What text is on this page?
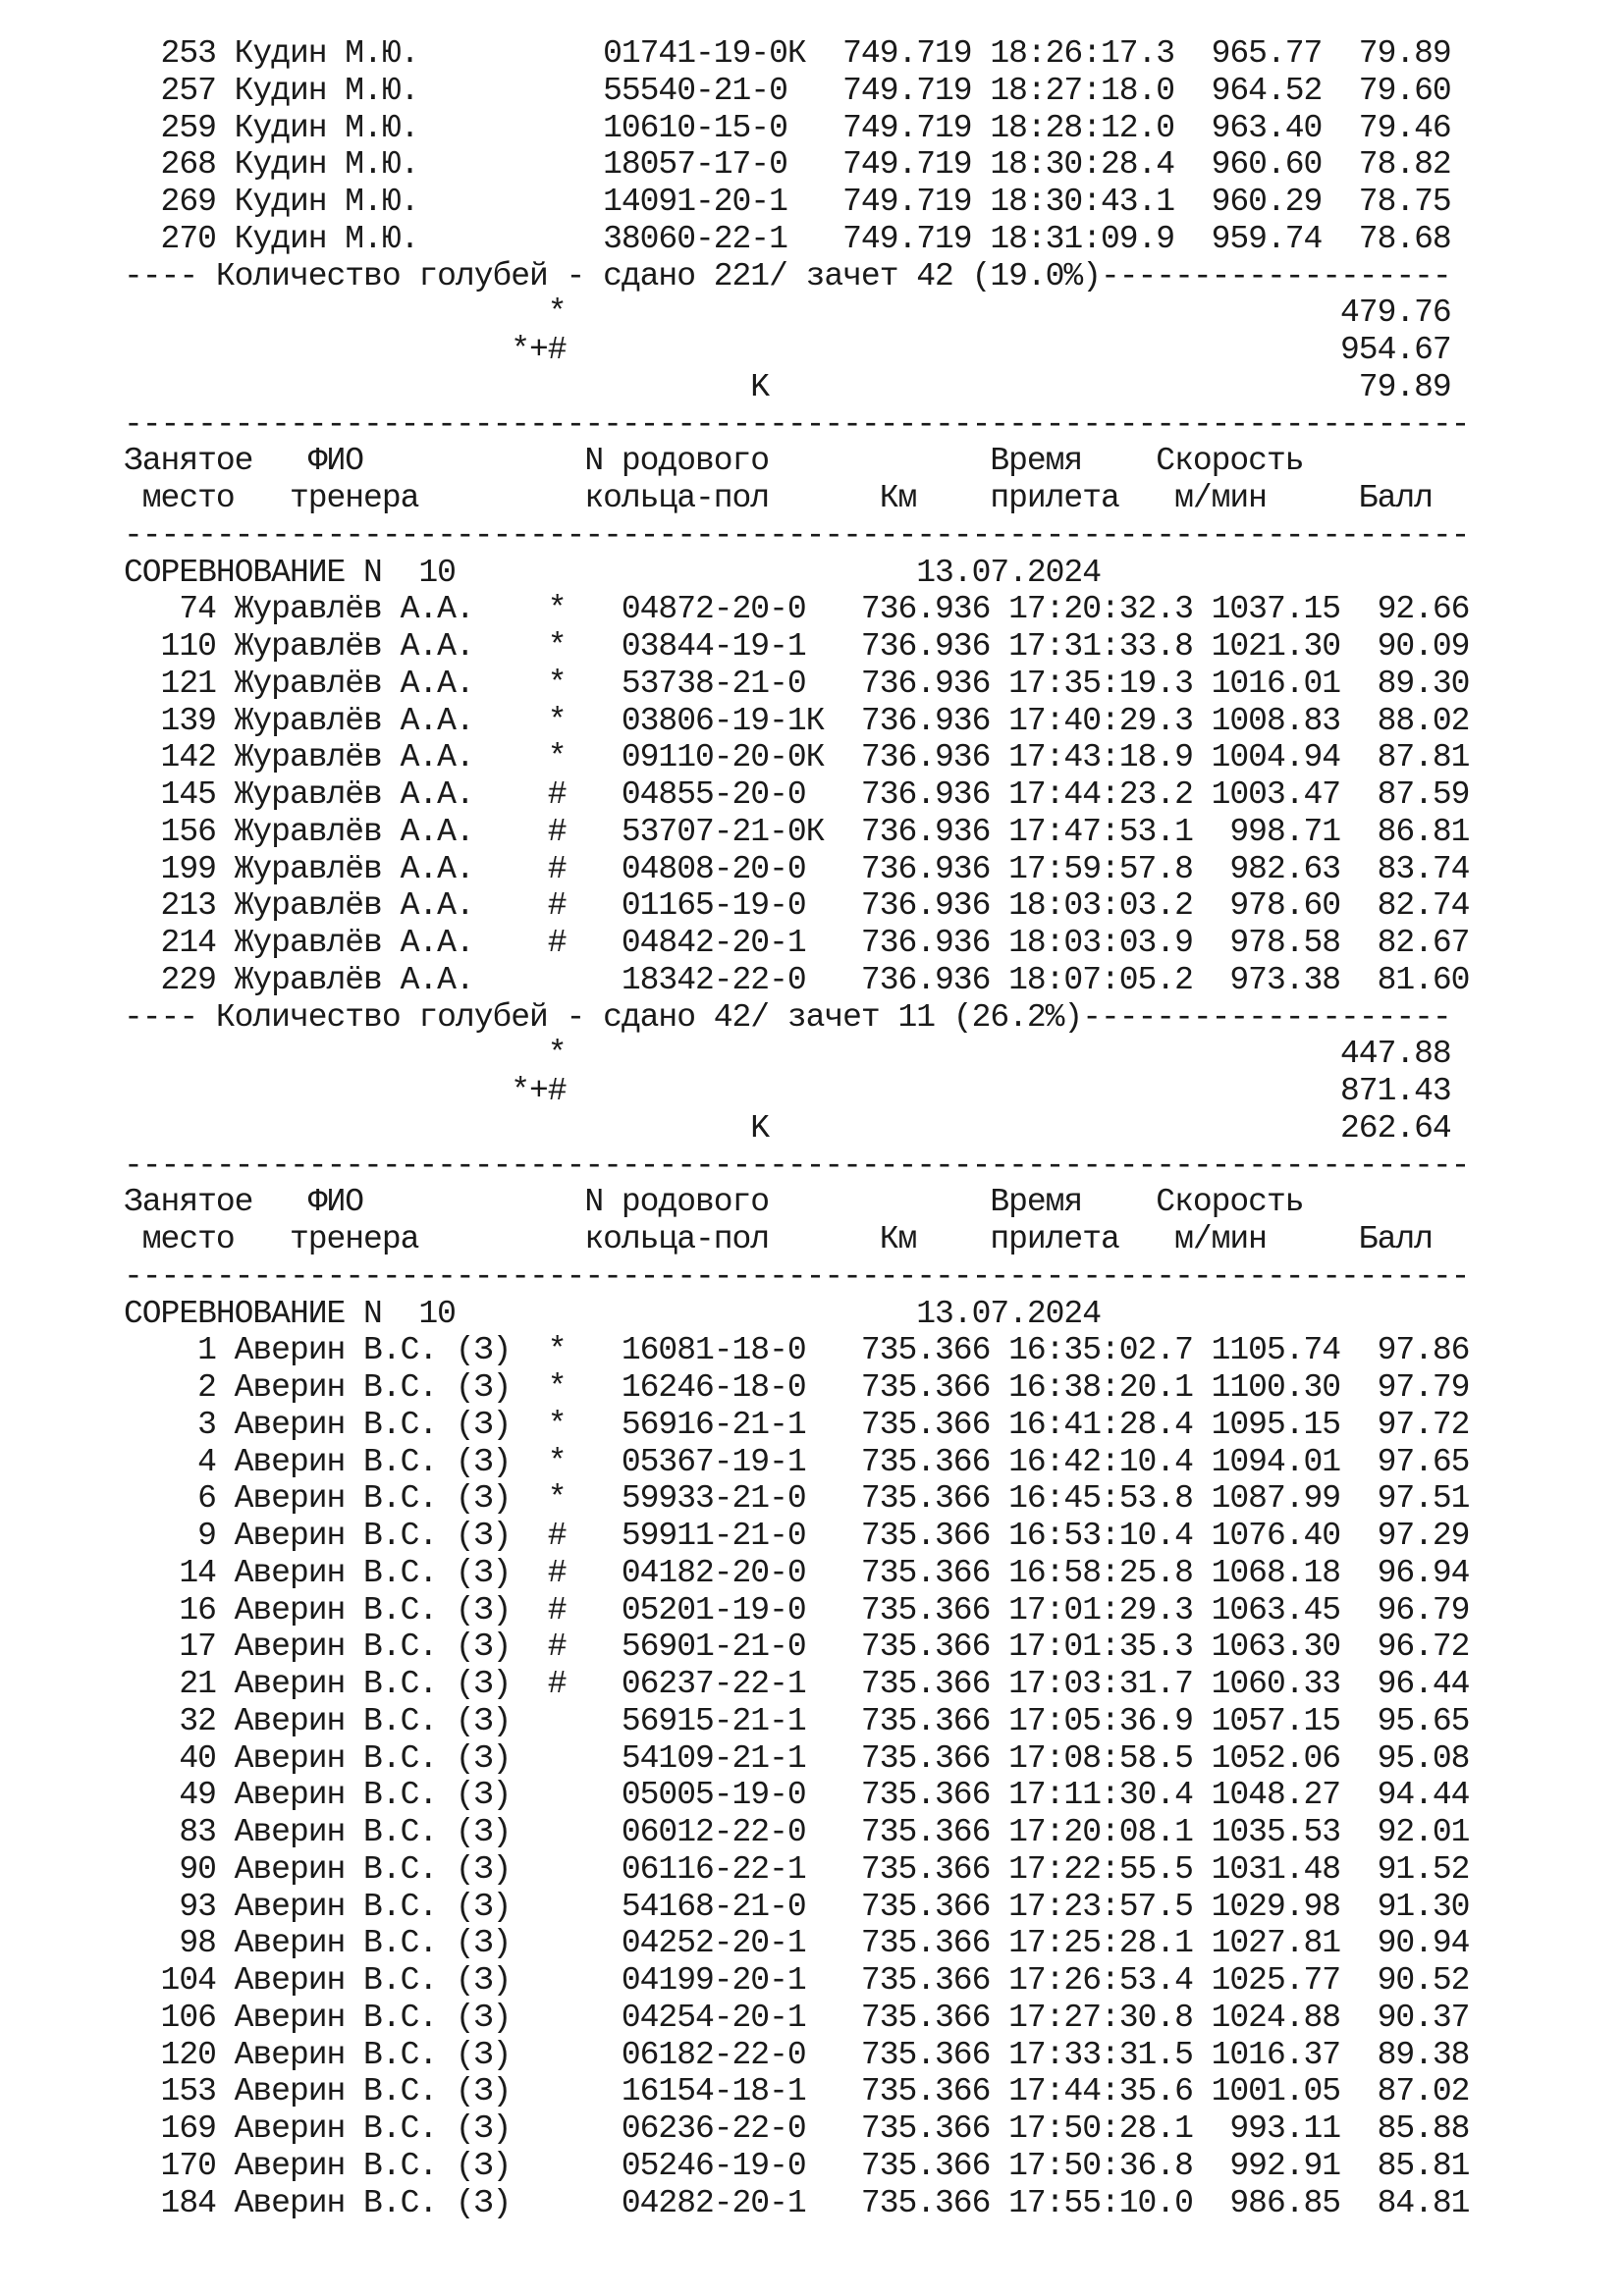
253 Кудин М.Ю.          01741-19-0К  749.719 18:26:17.3  965.77  79.89
257 Кудин М.Ю.          55540-21-0   749.719 18:27:18.0  964.52  79.60
259 Кудин М.Ю.          10610-15-0   749.719 18:28:12.0  963.40  79.46
268 Кудин М.Ю.          18057-17-0   749.719 18:30:28.4  960.60  78.82
269 Кудин М.Ю.          14091-20-1   749.719 18:30:43.1  960.29  78.75
270 Кудин М.Ю.          38060-22-1   749.719 18:31:09.9  959.74  78.68
---- Количество голубей - сдано 221/ зачет 42 (19.0%)-------------------
*                                          479.76
*+#                                          954.67
K                                79.89
-------------------------------------------------------------------------
Занятое   ФИО            N родового            Время    Скорость
место   тренера         кольца-пол      Км    прилета   м/мин     Балл
-------------------------------------------------------------------------
СОРЕВНОВАНИЕ N  10                         13.07.2024
74 Журавлёв А.А.    *   04872-20-0   736.936 17:20:32.3 1037.15  92.66
110 Журавлёв А.А.    *   03844-19-1   736.936 17:31:33.8 1021.30  90.09
121 Журавлёв А.А.    *   53738-21-0   736.936 17:35:19.3 1016.01  89.30
139 Журавлёв А.А.    *   03806-19-1К  736.936 17:40:29.3 1008.83  88.02
142 Журавлёв А.А.    *   09110-20-0К  736.936 17:43:18.9 1004.94  87.81
145 Журавлёв А.А.    #   04855-20-0   736.936 17:44:23.2 1003.47  87.59
156 Журавлёв А.А.    #   53707-21-0К  736.936 17:47:53.1  998.71  86.81
199 Журавлёв А.А.    #   04808-20-0   736.936 17:59:57.8  982.63  83.74
213 Журавлёв А.А.    #   01165-19-0   736.936 18:03:03.2  978.60  82.74
214 Журавлёв А.А.    #   04842-20-1   736.936 18:03:03.9  978.58  82.67
229 Журавлёв А.А.        18342-22-0   736.936 18:07:05.2  973.38  81.60
---- Количество голубей - сдано 42/ зачет 11 (26.2%)--------------------
*                                          447.88
*+#                                          871.43
K                               262.64
-------------------------------------------------------------------------
Занятое   ФИО            N родового            Время    Скорость
место   тренера         кольца-пол      Км    прилета   м/мин     Балл
-------------------------------------------------------------------------
СОРЕВНОВАНИЕ N  10                         13.07.2024
1 Аверин В.С. (З)  *   16081-18-0   735.366 16:35:02.7 1105.74  97.86
2 Аверин В.С. (З)  *   16246-18-0   735.366 16:38:20.1 1100.30  97.79
3 Аверин В.С. (З)  *   56916-21-1   735.366 16:41:28.4 1095.15  97.72
4 Аверин В.С. (З)  *   05367-19-1   735.366 16:42:10.4 1094.01  97.65
6 Аверин В.С. (З)  *   59933-21-0   735.366 16:45:53.8 1087.99  97.51
9 Аверин В.С. (З)  #   59911-21-0   735.366 16:53:10.4 1076.40  97.29
14 Аверин В.С. (З)  #   04182-20-0   735.366 16:58:25.8 1068.18  96.94
16 Аверин В.С. (З)  #   05201-19-0   735.366 17:01:29.3 1063.45  96.79
17 Аверин В.С. (З)  #   56901-21-0   735.366 17:01:35.3 1063.30  96.72
21 Аверин В.С. (З)  #   06237-22-1   735.366 17:03:31.7 1060.33  96.44
32 Аверин В.С. (З)      56915-21-1   735.366 17:05:36.9 1057.15  95.65
40 Аверин В.С. (З)      54109-21-1   735.366 17:08:58.5 1052.06  95.08
49 Аверин В.С. (З)      05005-19-0   735.366 17:11:30.4 1048.27  94.44
83 Аверин В.С. (З)      06012-22-0   735.366 17:20:08.1 1035.53  92.01
90 Аверин В.С. (З)      06116-22-1   735.366 17:22:55.5 1031.48  91.52
93 Аверин В.С. (З)      54168-21-0   735.366 17:23:57.5 1029.98  91.30
98 Аверин В.С. (З)      04252-20-1   735.366 17:25:28.1 1027.81  90.94
104 Аверин В.С. (З)      04199-20-1   735.366 17:26:53.4 1025.77  90.52
106 Аверин В.С. (З)      04254-20-1   735.366 17:27:30.8 1024.88  90.37
120 Аверин В.С. (З)      06182-22-0   735.366 17:33:31.5 1016.37  89.38
153 Аверин В.С. (З)      16154-18-1   735.366 17:44:35.6 1001.05  87.02
169 Аверин В.С. (З)      06236-22-0   735.366 17:50:28.1  993.11  85.88
170 Аверин В.С. (З)      05246-19-0   735.366 17:50:36.8  992.91  85.81
184 Аверин В.С. (З)      04282-20-1   735.366 17:55:10.0  986.85  84.81
